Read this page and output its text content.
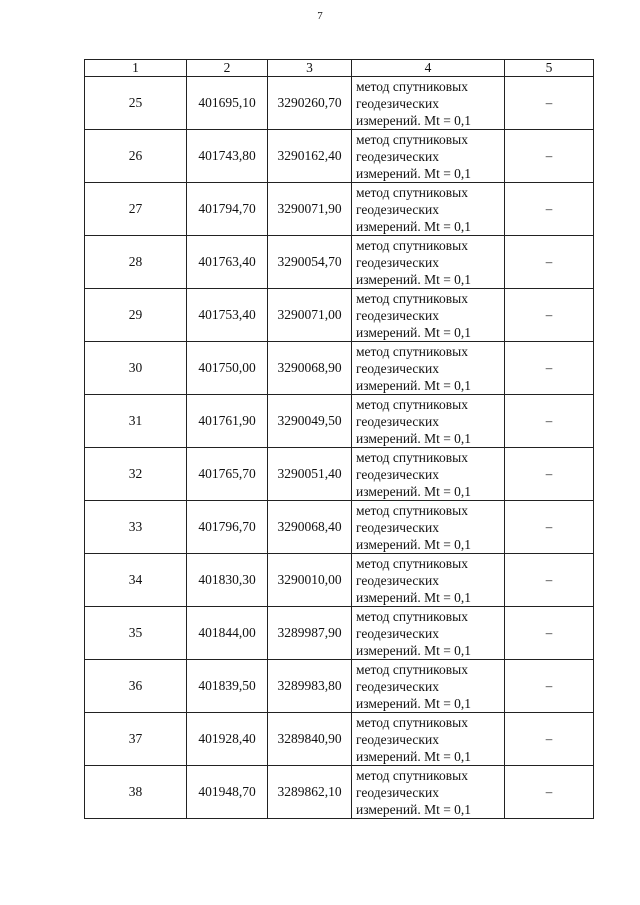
7
1	2	3	4	5
25	401695,10	3290260,70	метод спутниковых
геодезических
измерений. Mt = 0,1	–
26	401743,80	3290162,40	метод спутниковых
геодезических
измерений. Mt = 0,1	–
27	401794,70	3290071,90	метод спутниковых
геодезических
измерений. Mt = 0,1	–
28	401763,40	3290054,70	метод спутниковых
геодезических
измерений. Mt = 0,1	–
29	401753,40	3290071,00	метод спутниковых
геодезических
измерений. Mt = 0,1	–
30	401750,00	3290068,90	метод спутниковых
геодезических
измерений. Mt = 0,1	–
31	401761,90	3290049,50	метод спутниковых
геодезических
измерений. Mt = 0,1	–
32	401765,70	3290051,40	метод спутниковых
геодезических
измерений. Mt = 0,1	–
33	401796,70	3290068,40	метод спутниковых
геодезических
измерений. Mt = 0,1	–
34	401830,30	3290010,00	метод спутниковых
геодезических
измерений. Mt = 0,1	–
35	401844,00	3289987,90	метод спутниковых
геодезических
измерений. Mt = 0,1	–
36	401839,50	3289983,80	метод спутниковых
геодезических
измерений. Mt = 0,1	–
37	401928,40	3289840,90	метод спутниковых
геодезических
измерений. Mt = 0,1	–
38	401948,70	3289862,10	метод спутниковых
геодезических
измерений. Mt = 0,1	–
